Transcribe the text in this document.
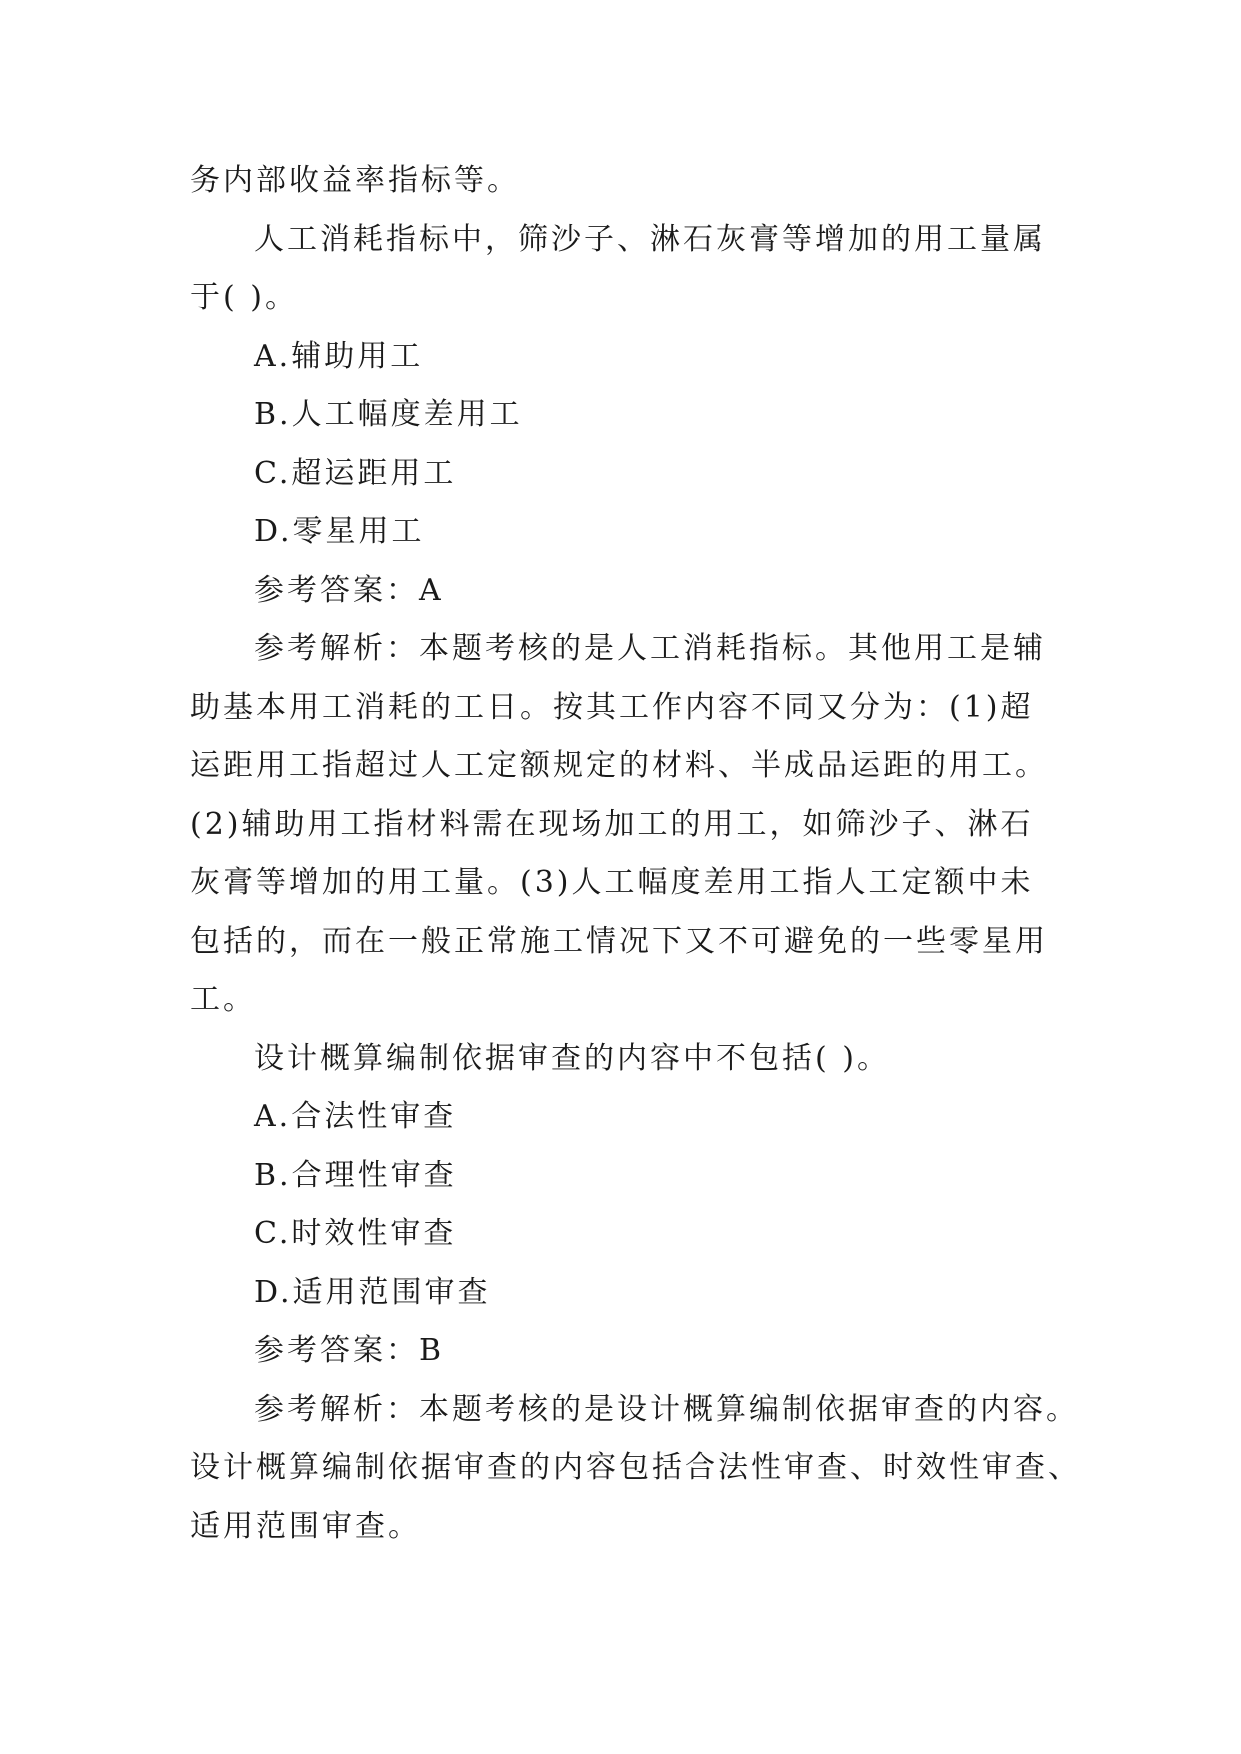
务内部收益率指标等。
人工消耗指标中，筛沙子、淋石灰膏等增加的用工量属
于( )。
A.辅助用工
B.人工幅度差用工
C.超运距用工
D.零星用工
参考答案：A
参考解析：本题考核的是人工消耗指标。其他用工是辅
助基本用工消耗的工日。按其工作内容不同又分为：(1)超
运距用工指超过人工定额规定的材料、半成品运距的用工。
(2)辅助用工指材料需在现场加工的用工，如筛沙子、淋石
灰膏等增加的用工量。(3)人工幅度差用工指人工定额中未
包括的，而在一般正常施工情况下又不可避免的一些零星用
工。
设计概算编制依据审查的内容中不包括( )。
A.合法性审查
B.合理性审查
C.时效性审查
D.适用范围审查
参考答案：B
参考解析：本题考核的是设计概算编制依据审查的内容。
设计概算编制依据审查的内容包括合法性审查、时效性审查、
适用范围审查。
